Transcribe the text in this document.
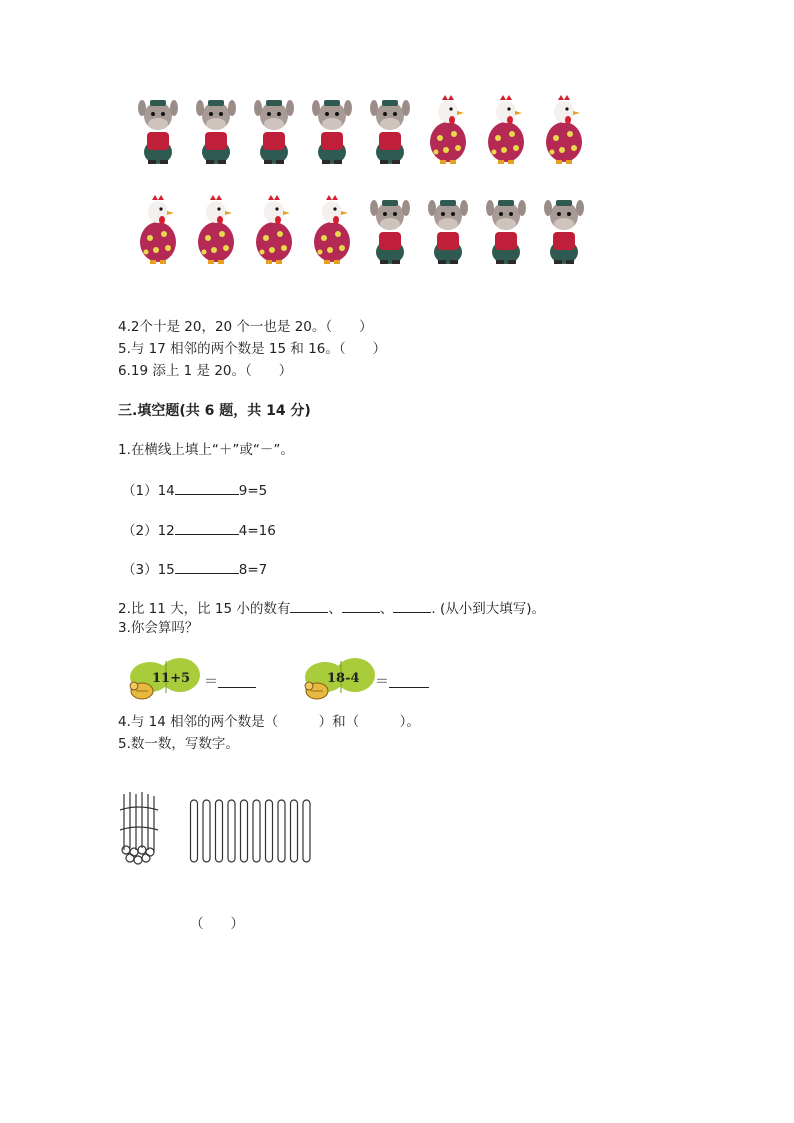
4.2个十是 20，20 个一也是 20。（　　）
5.与 17 相邻的两个数是 15 和 16。（　　）
6.19 添上 1 是 20。（　　）
三.填空题(共 6 题，共 14 分)
1.在横线上填上“＋”或“－”。
（1）14	9=5
（2）12	4=16
（3）15	8=7
2.比 11 大，比 15 小的数有	、	、	. (从小到大填写)。
3.你会算吗？
11+5 ＝	18-4 ＝
4.与 14 相邻的两个数是（　　　）和（　　　）。
5.数一数，写数字。
（　　）
